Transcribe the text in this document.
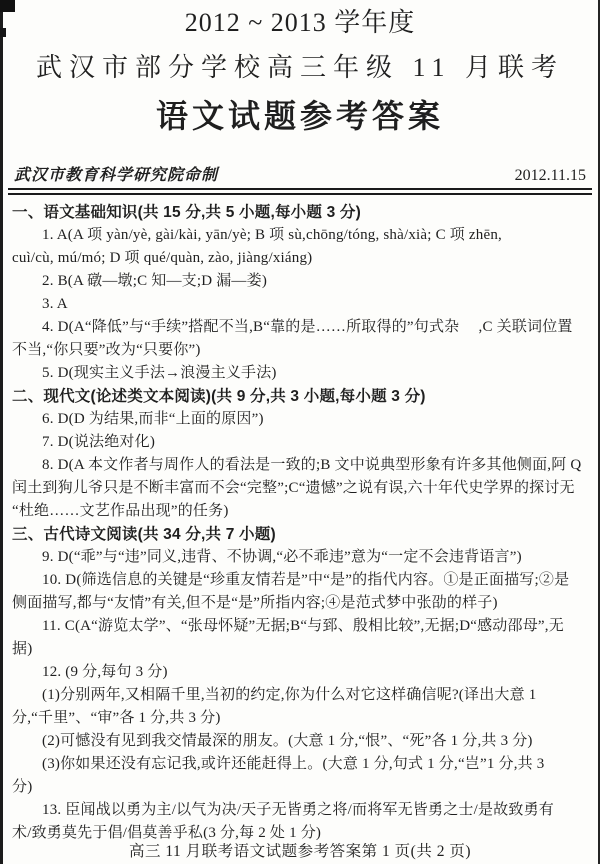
2012 ~ 2013 学年度
武汉市部分学校高三年级 11 月联考
语文试题参考答案
武汉市教育科学研究院命制	2012.11.15
一、语文基础知识(共 15 分,共 5 小题,每小题 3 分)
1. A(A 项 yàn/yè, gài/kài, yān/yè; B 项 sù,chōng/tóng, shà/xià; C 项 zhēn,
cuì/cù, mú/mó; D 项 qué/quàn, zào, jiàng/xiáng)
2. B(A 礅—墩;C 知—支;D 漏—娄)
3. A
4. D(A“降低”与“手续”搭配不当,B“靠的是……所取得的”句式杂　 ,C 关联词位置
不当,“你只要”改为“只要你”)
5. D(现实主义手法→浪漫主义手法)
二、现代文(论述类文本阅读)(共 9 分,共 3 小题,每小题 3 分)
6. D(D 为结果,而非“上面的原因”)
7. D(说法绝对化)
8. D(A 本文作者与周作人的看法是一致的;B 文中说典型形象有许多其他侧面,阿 Q
闰土到狗儿爷只是不断丰富而不会“完整”;C“遗憾”之说有误,六十年代史学界的探讨无
“杜绝……文艺作品出现”的任务)
三、古代诗文阅读(共 34 分,共 7 小题)
9. D(“乖”与“违”同义,违背、不协调,“必不乖违”意为“一定不会违背语言”)
10. D(筛选信息的关键是“珍重友情若是”中“是”的指代内容。①是正面描写;②是
侧面描写,都与“友情”有关,但不是“是”所指内容;④是范式梦中张劭的样子)
11. C(A“游览太学”、“张母怀疑”无据;B“与郅、殷相比较”,无据;D“感动邵母”,无
据)
12. (9 分,每句 3 分)
(1)分别两年,又相隔千里,当初的约定,你为什么对它这样确信呢?(译出大意 1
分,“千里”、“审”各 1 分,共 3 分)
(2)可憾没有见到我交情最深的朋友。(大意 1 分,“恨”、“死”各 1 分,共 3 分)
(3)你如果还没有忘记我,或许还能赶得上。(大意 1 分,句式 1 分,“岂”1 分,共 3
分)
13. 臣闻战以勇为主/以气为决/天子无皆勇之将/而将军无皆勇之士/是故致勇有
术/致勇莫先于倡/倡莫善乎私(3 分,每 2 处 1 分)
高三 11 月联考语文试题参考答案第 1 页(共 2 页)
